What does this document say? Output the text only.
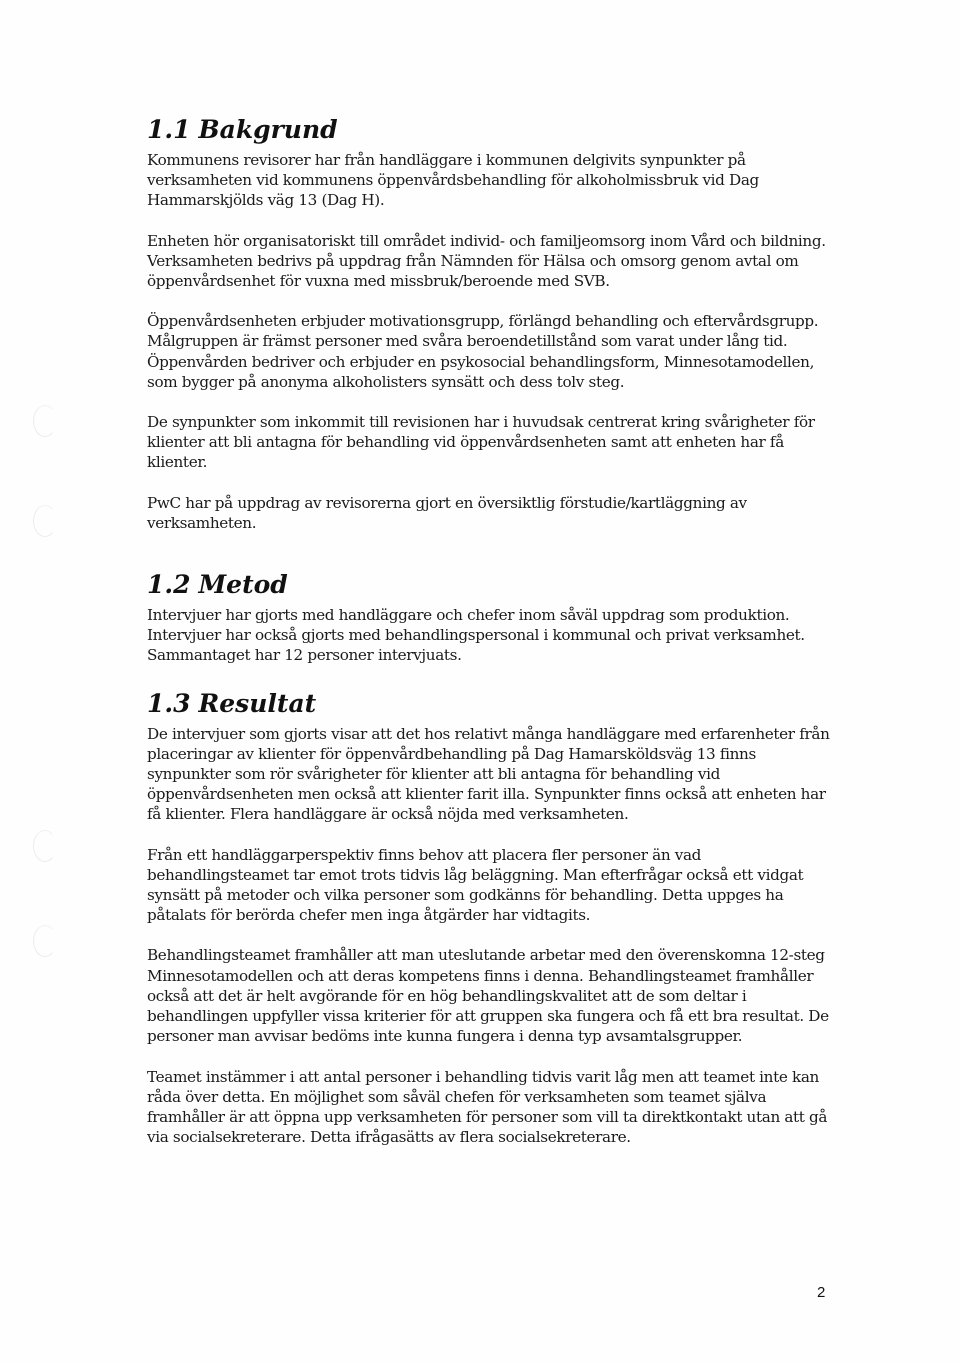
1.1 Bakgrund

Kommunens revisorer har från handläggare i kommunen delgivits synpunkter på verksamheten vid kommunens öppenvårdsbehandling för alkoholmissbruk vid Dag Hammarskjölds väg 13 (Dag H).

Enheten hör organisatoriskt till området individ- och familjeomsorg inom Vård och bildning. Verksamheten bedrivs på uppdrag från Nämnden för Hälsa och omsorg genom avtal om öppenvårdsenhet för vuxna med missbruk/beroende med SVB.

Öppenvårdsenheten erbjuder motivationsgrupp, förlängd behandling och eftervårdsgrupp. Målgruppen är främst personer med svåra beroendetillstånd som varat under lång tid. Öppenvården bedriver och erbjuder en psykosocial behandlingsform, Minnesotamodellen, som bygger på anonyma alkoholisters synsätt och dess tolv steg.

De synpunkter som inkommit till revisionen har i huvudsak centrerat kring svårigheter för klienter att bli antagna för behandling vid öppenvårdsenheten samt att enheten har få klienter.

PwC har på uppdrag av revisorerna gjort en översiktlig förstudie/kartläggning av verksamheten.

1.2 Metod

Intervjuer har gjorts med handläggare och chefer inom såväl uppdrag som produktion. Intervjuer har också gjorts med behandlingspersonal i kommunal och privat verksamhet. Sammantaget har 12 personer intervjuats.

1.3 Resultat

De intervjuer som gjorts visar att det hos relativt många handläggare med erfarenheter från placeringar av klienter för öppenvårdbehandling på Dag Hamarsköldsväg 13 finns synpunkter som rör svårigheter för klienter att bli antagna för behandling vid öppenvårdsenheten men också att klienter farit illa. Synpunkter finns också att enheten har få klienter. Flera handläggare är också nöjda med verksamheten.

Från ett handläggarperspektiv finns behov att placera fler personer än vad behandlingsteamet tar emot trots tidvis låg beläggning. Man efterfrågar också ett vidgat synsätt på metoder och vilka personer som godkänns för behandling. Detta uppges ha påtalats för berörda chefer men inga åtgärder har vidtagits.

Behandlingsteamet framhåller att man uteslutande arbetar med den överenskomna 12-steg Minnesotamodellen och att deras kompetens finns i denna. Behandlingsteamet framhåller också att det är helt avgörande för en hög behandlingskvalitet att de som deltar i behandlingen uppfyller vissa kriterier för att gruppen ska fungera och få ett bra resultat. De personer man avvisar bedöms inte kunna fungera i denna typ avsamtalsgrupper.

Teamet instämmer i att antal personer i behandling tidvis varit låg men att teamet inte kan råda över detta. En möjlighet som såväl chefen för verksamheten som teamet själva framhåller är att öppna upp verksamheten för personer som vill ta direktkontakt utan att gå via socialsekreterare. Detta ifrågasätts av flera socialsekreterare.

2
